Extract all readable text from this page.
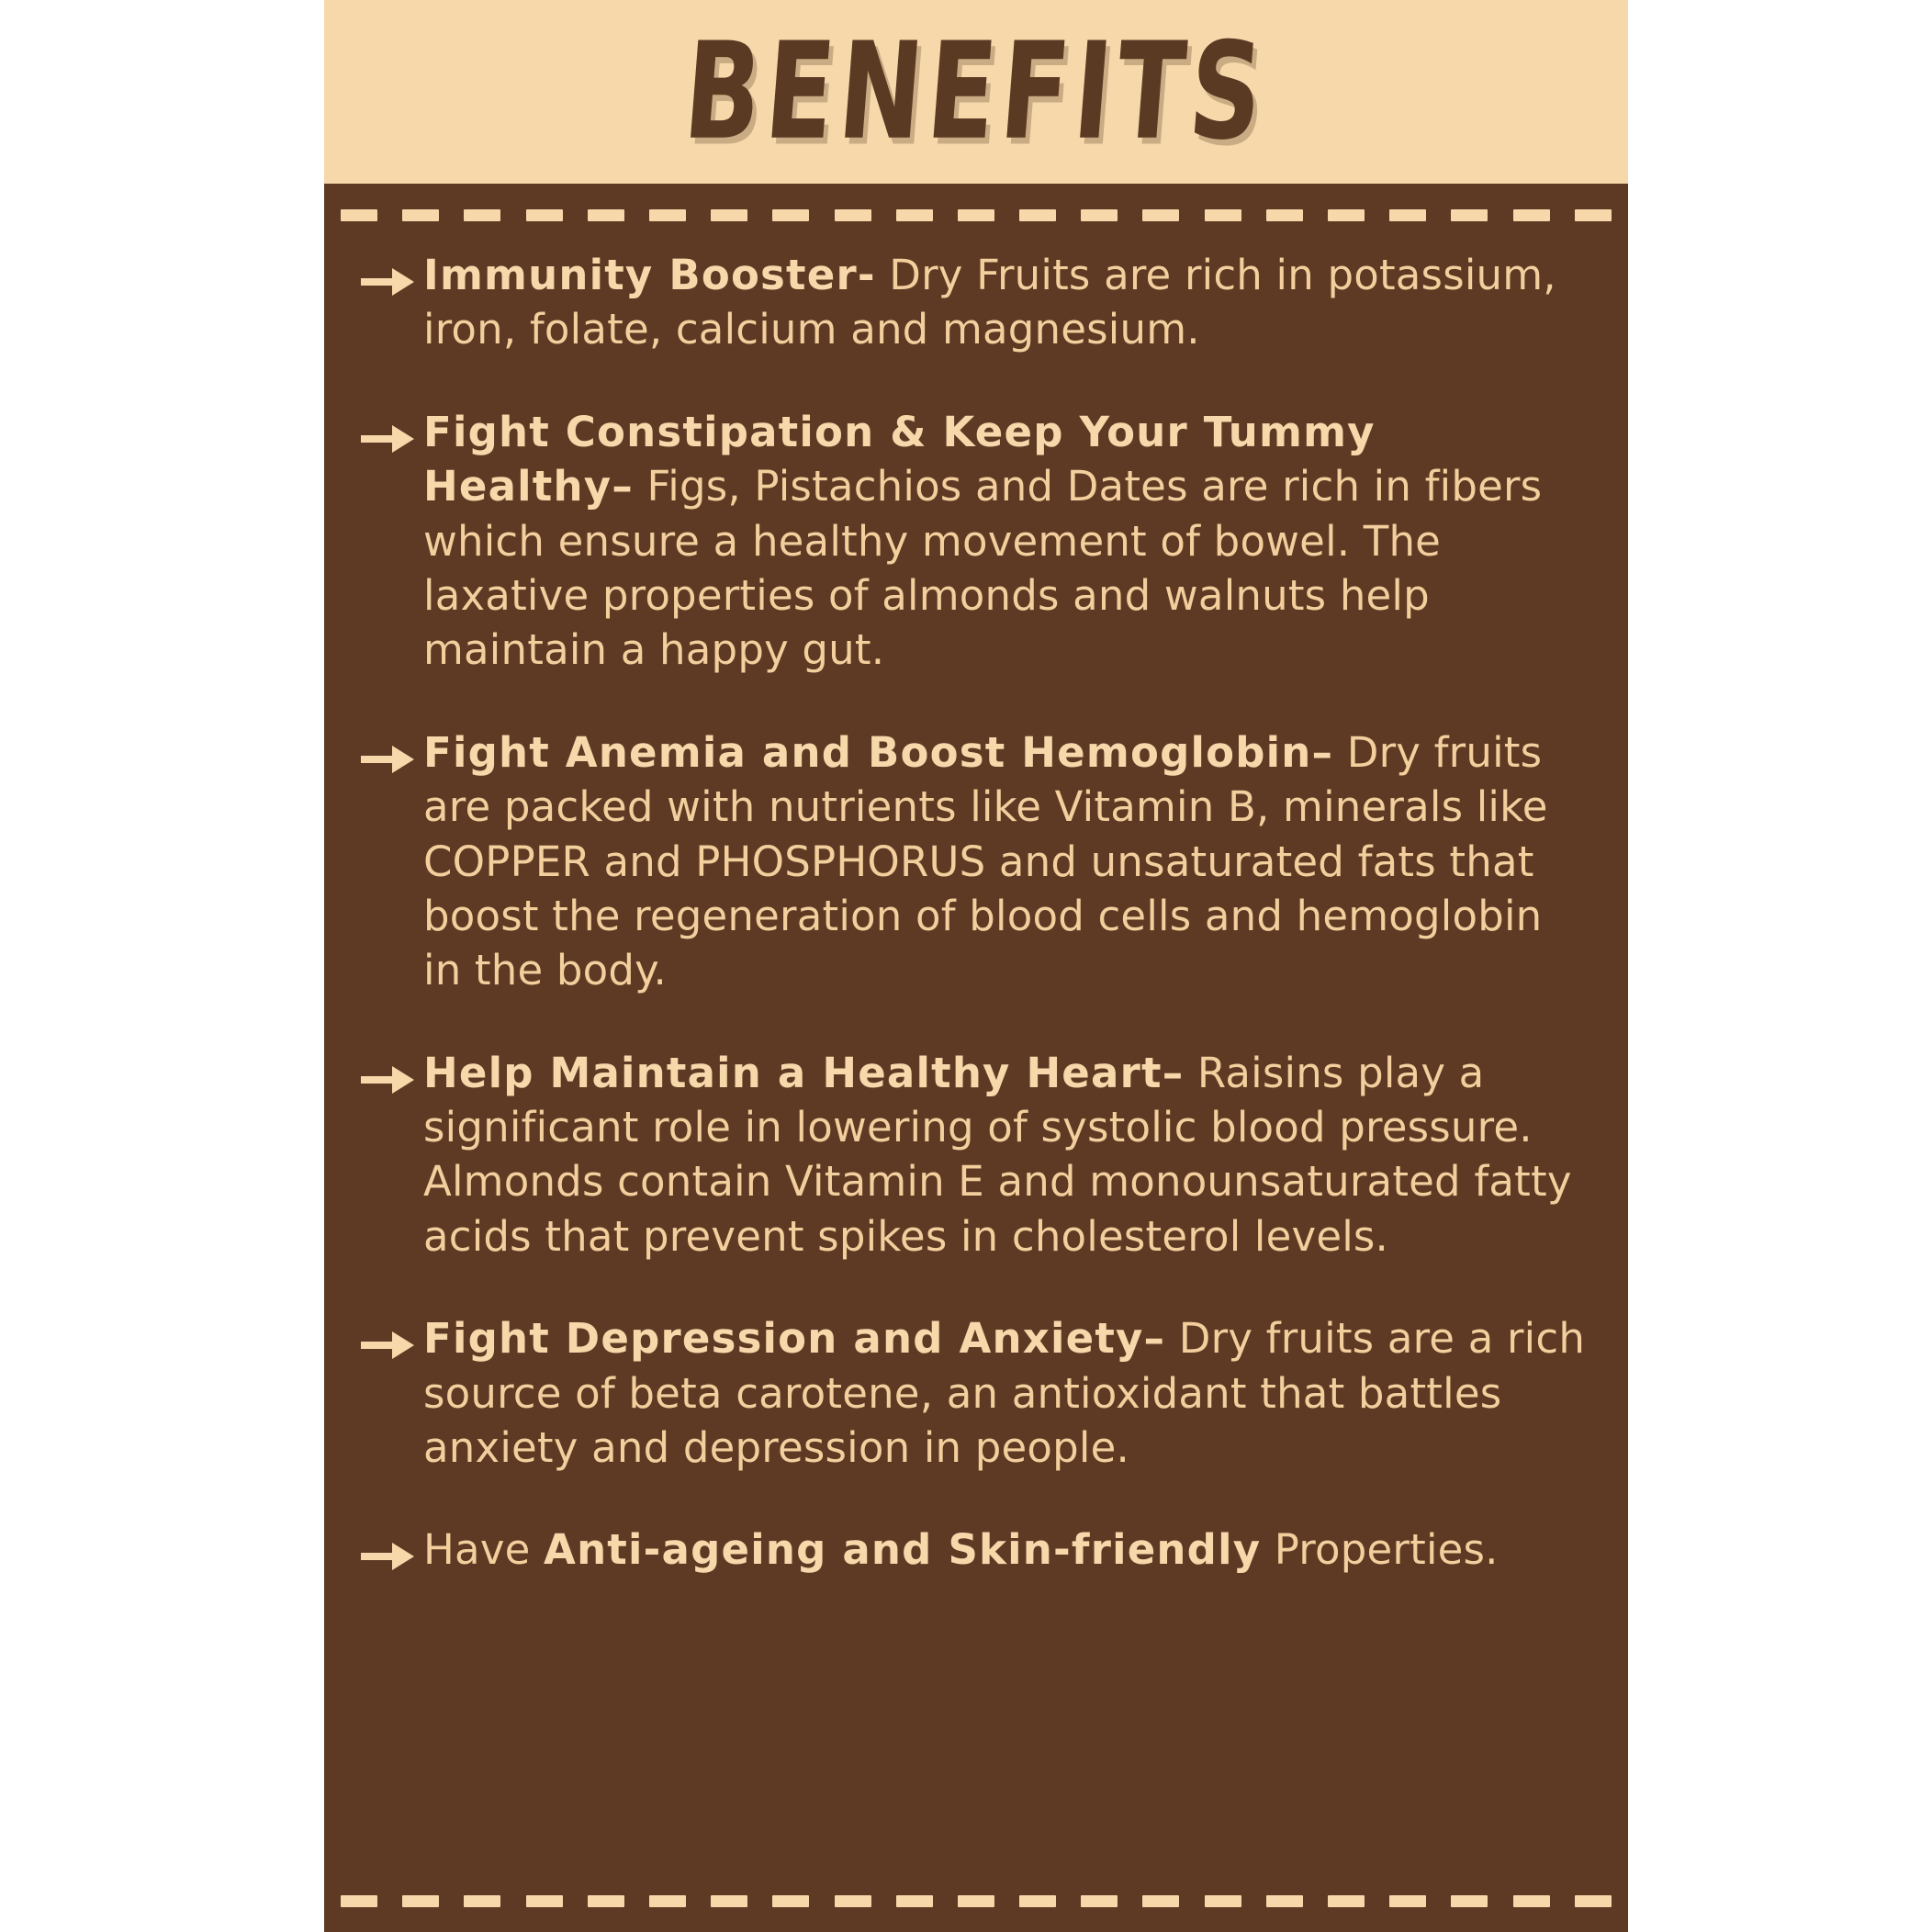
BENEFITS
Immunity Booster- Dry Fruits are rich in potassium, iron, folate, calcium and magnesium.
Fight Constipation & Keep Your Tummy Healthy– Figs, Pistachios and Dates are rich in fibers which ensure a healthy movement of bowel. The laxative properties of almonds and walnuts help maintain a happy gut.
Fight Anemia and Boost Hemoglobin– Dry fruits are packed with nutrients like Vitamin B, minerals like COPPER and PHOSPHORUS and unsaturated fats that boost the regeneration of blood cells and hemoglobin in the body.
Help Maintain a Healthy Heart– Raisins play a significant role in lowering of systolic blood pressure. Almonds contain Vitamin E and monounsaturated fatty acids that prevent spikes in cholesterol levels.
Fight Depression and Anxiety– Dry fruits are a rich source of beta carotene, an antioxidant that battles anxiety and depression in people.
Have Anti-ageing and Skin-friendly Properties.
